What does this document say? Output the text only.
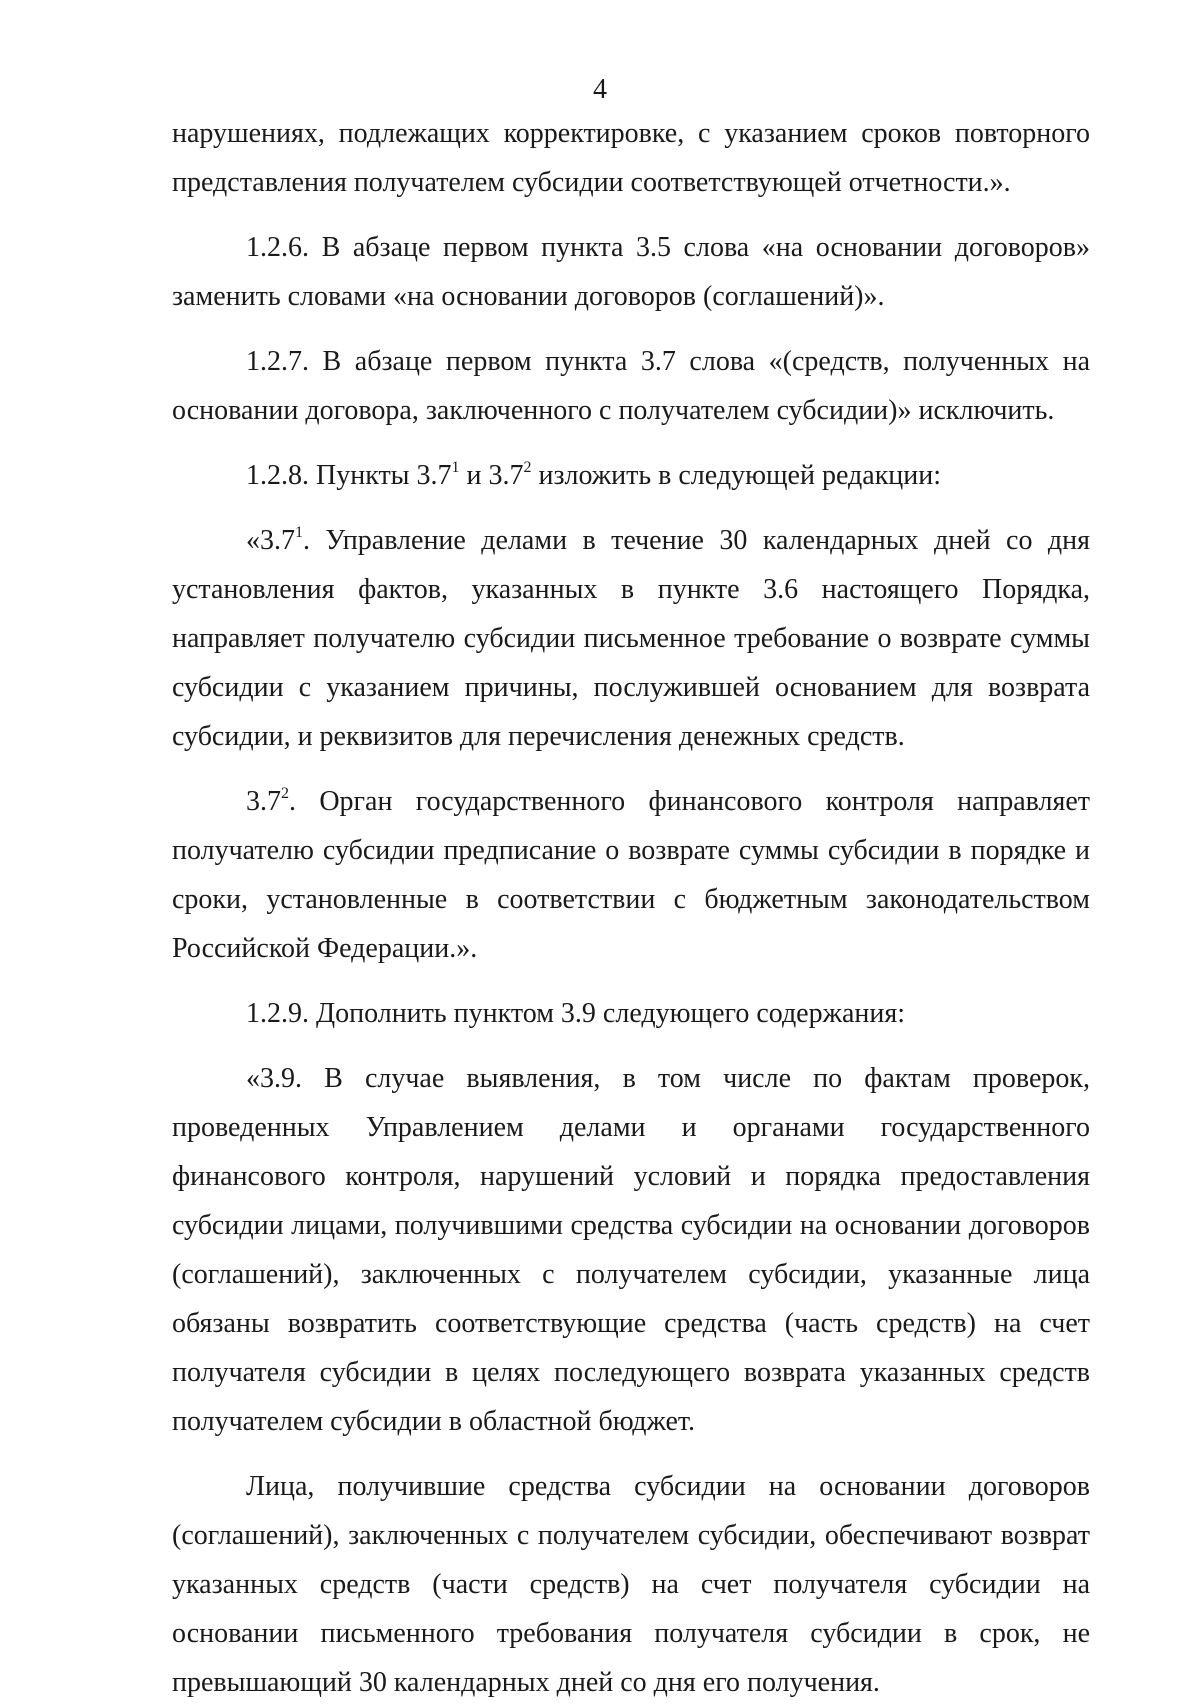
4

нарушениях, подлежащих корректировке, с указанием сроков повторного представления получателем субсидии соответствующей отчетности.».

1.2.6. В абзаце первом пункта 3.5 слова «на основании договоров» заменить словами «на основании договоров (соглашений)».

1.2.7. В абзаце первом пункта 3.7 слова «(средств, полученных на основании договора, заключенного с получателем субсидии)» исключить.

1.2.8. Пункты $3.7^1$ и $3.7^2$ изложить в следующей редакции:

«$3.7^1$. Управление делами в течение 30 календарных дней со дня установления фактов, указанных в пункте 3.6 настоящего Порядка, направляет получателю субсидии письменное требование о возврате суммы субсидии с указанием причины, послужившей основанием для возврата субсидии, и реквизитов для перечисления денежных средств.

$3.7^2$. Орган государственного финансового контроля направляет получателю субсидии предписание о возврате суммы субсидии в порядке и сроки, установленные в соответствии с бюджетным законодательством Российской Федерации.».

1.2.9. Дополнить пунктом 3.9 следующего содержания:

«3.9. В случае выявления, в том числе по фактам проверок, проведенных Управлением делами и органами государственного финансового контроля, нарушений условий и порядка предоставления субсидии лицами, получившими средства субсидии на основании договоров (соглашений), заключенных с получателем субсидии, указанные лица обязаны возвратить соответствующие средства (часть средств) на счет получателя субсидии в целях последующего возврата указанных средств получателем субсидии в областной бюджет.

Лица, получившие средства субсидии на основании договоров (соглашений), заключенных с получателем субсидии, обеспечивают возврат указанных средств (части средств) на счет получателя субсидии на основании письменного требования получателя субсидии в срок, не превышающий 30 календарных дней со дня его получения.
